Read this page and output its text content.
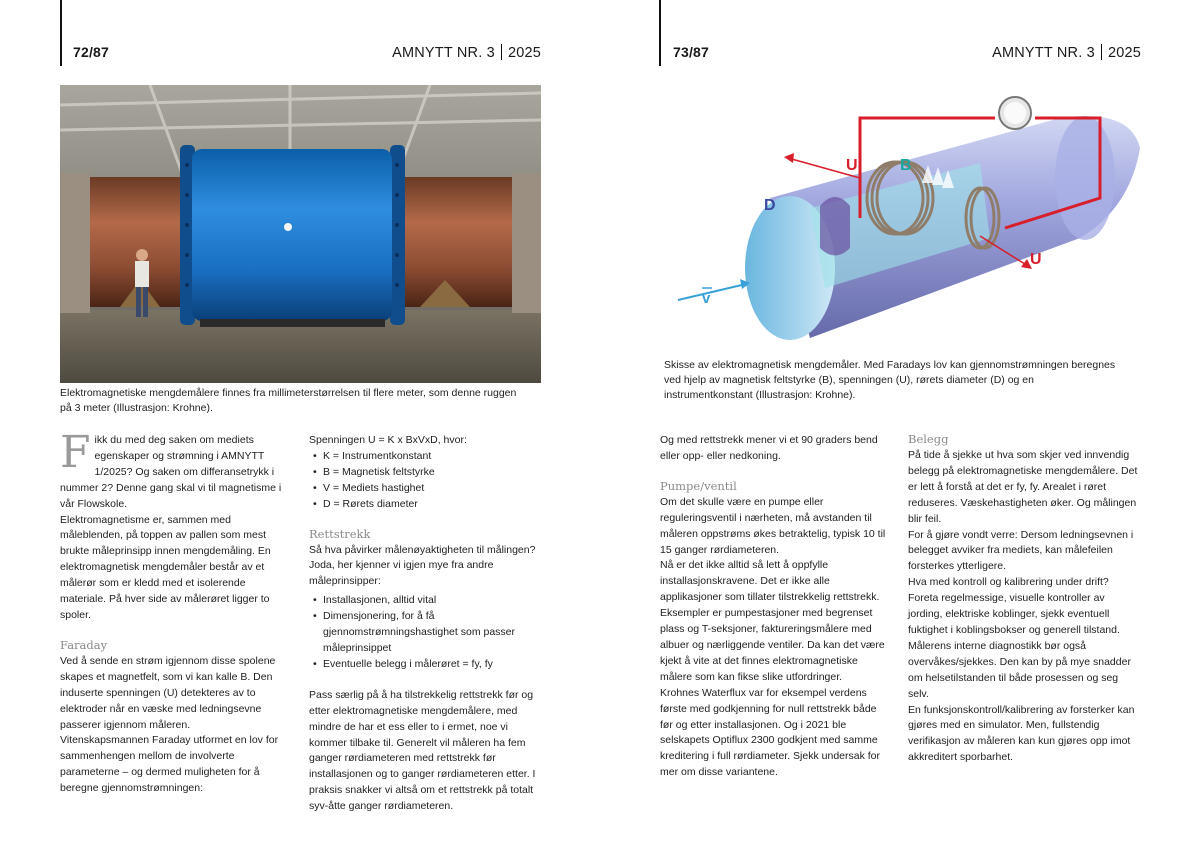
72/87	AMNYTT NR. 3 2025
Elektromagnetiske mengdemålere finnes fra millimeterstørrelsen til flere meter, som denne ruggen på 3 meter (Illustrasjon: Krohne).
F ikk du med deg saken om mediets egenskaper og strømning i AMNYTT 1/2025? Og saken om differansetrykk i nummer 2? Denne gang skal vi til magnetisme i vår Flowskole.

Elektromagnetisme er, sammen med måleblenden, på toppen av pallen som mest brukte måleprinsipp innen mengdemåling. En elektromagnetisk mengdemåler består av et målerør som er kledd med et isolerende materiale. På hver side av målerøret ligger to spoler.

Faraday

Ved å sende en strøm igjennom disse spolene skapes et magnetfelt, som vi kan kalle B. Den induserte spenningen (U) detekteres av to elektroder når en væske med ledningsevne passerer igjennom måleren.

Vitenskapsmannen Faraday utformet en lov for sammenhengen mellom de involverte parameterne – og dermed muligheten for å beregne gjennomstrømningen:

Spenningen U = K x BxVxD, hvor:

• K = Instrumentkonstant
• B = Magnetisk feltstyrke
• V = Mediets hastighet
• D = Rørets diameter
Rettstrekk

Så hva påvirker målenøyaktigheten til målingen? Joda, her kjenner vi igjen mye fra andre måleprinsipper:

• Installasjonen, alltid vital
• Dimensjonering, for å få gjennomstrømningshastighet som passer måleprinsippet
• Eventuelle belegg i målerøret = fy, fy

Pass særlig på å ha tilstrekkelig rettstrekk før og etter elektromagnetiske mengdemålere, med mindre de har et ess eller to i ermet, noe vi kommer tilbake til. Generelt vil måleren ha fem ganger rørdiameteren med rettstrekk før installasjonen og to ganger rørdiameteren etter. I praksis snakker vi altså om et rettstrekk på totalt syv-åtte ganger rørdiameteren.

73/87	AMNYTT NR. 3 2025
U	B
D
U
v
Skisse av elektromagnetisk mengdemåler. Med Faradays lov kan gjennomstrømningen beregnes ved hjelp av magnetisk feltstyrke (B), spenningen (U), rørets diameter (D) og en instrumentkonstant (Illustrasjon: Krohne).

Og med rettstrekk mener vi et 90 graders bend eller opp- eller nedkoning.

Pumpe/ventil

Om det skulle være en pumpe eller reguleringsventil i nærheten, må avstanden til måleren oppstrøms økes betraktelig, typisk 10 til 15 ganger rørdiameteren.

Nå er det ikke alltid så lett å oppfylle installasjonskravene. Det er ikke alle applikasjoner som tillater tilstrekkelig rettstrekk. Eksempler er pumpestasjoner med begrenset plass og T-seksjoner, faktureringsmålere med albuer og nærliggende ventiler. Da kan det være kjekt å vite at det finnes elektromagnetiske målere som kan fikse slike utfordringer.

Krohnes Waterflux var for eksempel verdens første med godkjenning for null rettstrekk både før og etter installasjonen. Og i 2021 ble selskapets Optiflux 2300 godkjent med samme kreditering i full rørdiameter. Sjekk undersak for mer om disse variantene.

Belegg

På tide å sjekke ut hva som skjer ved innvendig belegg på elektromagnetiske mengdemålere. Det er lett å forstå at det er fy, fy. Arealet i røret reduseres. Væskehastigheten øker. Og målingen blir feil.

For å gjøre vondt verre: Dersom ledningsevnen i belegget avviker fra mediets, kan målefeilen forsterkes ytterligere.

Hva med kontroll og kalibrering under drift? Foreta regelmessige, visuelle kontroller av jording, elektriske koblinger, sjekk eventuell fuktighet i koblingsbokser og generell tilstand.

Målerens interne diagnostikk bør også overvåkes/sjekkes. Den kan by på mye snadder om helsetilstanden til både prosessen og seg selv.

En funksjonskontroll/kalibrering av forsterker kan gjøres med en simulator. Men, fullstendig verifikasjon av måleren kan kun gjøres opp imot akkreditert sporbarhet.
